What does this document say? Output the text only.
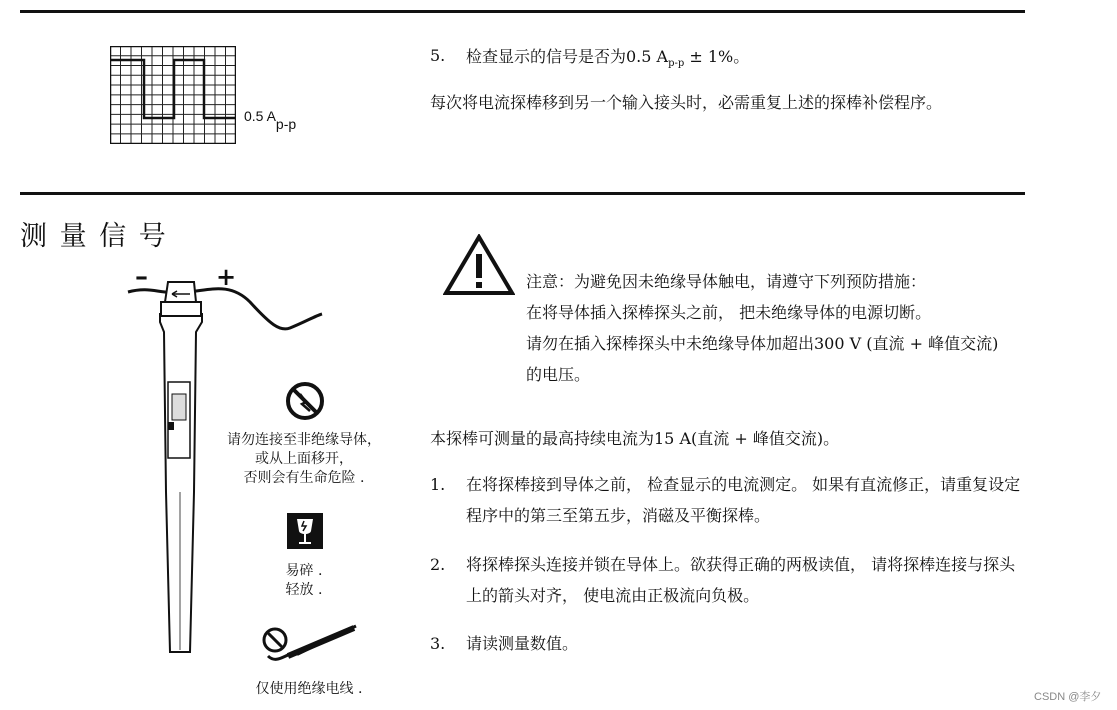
0.5 $A_{p-p}$
5. 检查显示的信号是否为0.5 $A_{p-p} \pm 1\%$。
每次将电流探棒移到另一个输入接头时，必需重复上述的探棒补偿程序。
测 量 信 号
–	+
请勿连接至非绝缘导体，
或从上面移开，
否则会有生命危险 .
易碎 .
轻放 .
仅使用绝缘电线 .
注意：为避免因未绝缘导体触电，请遵守下列预防措施：
在将导体插入探棒探头之前， 把未绝缘导体的电源切断。
请勿在插入探棒探头中未绝缘导体加超出300 V (直流 + 峰值交流)
的电压。
本探棒可测量的最高持续电流为15 A(直流 + 峰值交流)。
1. 在将探棒接到导体之前， 检查显示的电流测定。 如果有直流修正，请重复设定程序中的第三至第五步，消磁及平衡探棒。
2. 将探棒探头连接并锁在导体上。欲获得正确的两极读值， 请将探棒连接与探头上的箭头对齐， 使电流由正极流向负极。
3. 请读测量数值。
CSDN @李夕
